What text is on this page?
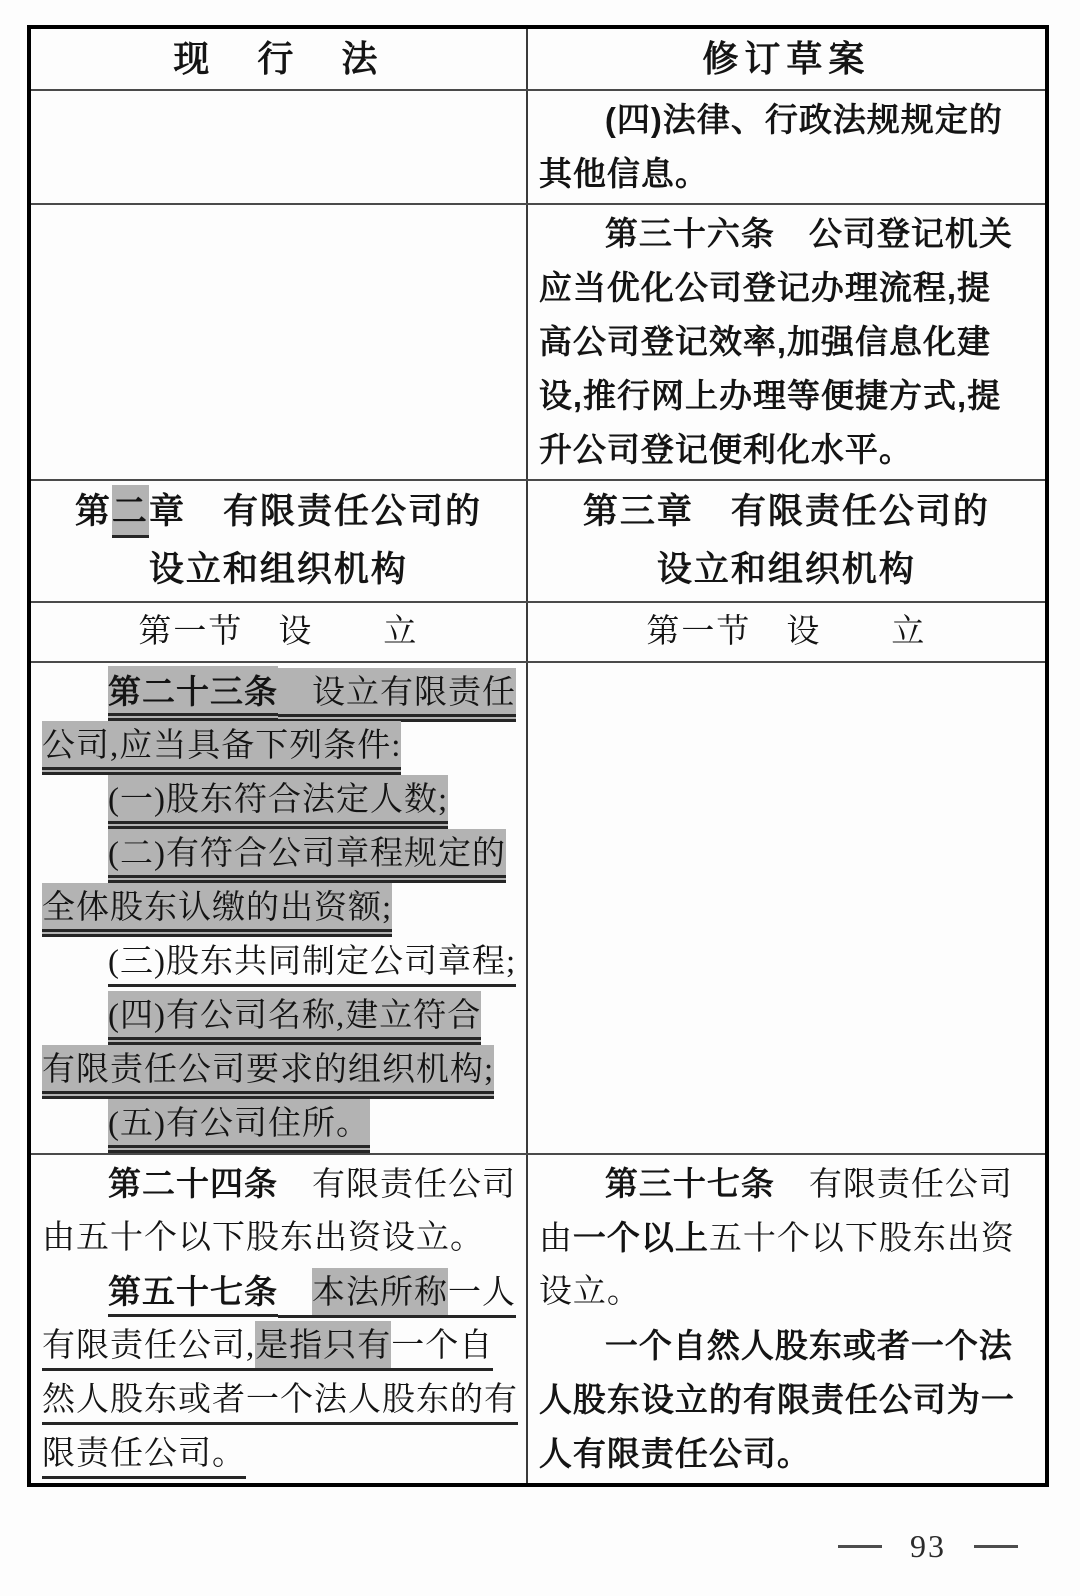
现　行　法	修订草案
(四)法律、行政法规规定的
其他信息。
第三十六条　公司登记机关
应当优化公司登记办理流程,提
高公司登记效率,加强信息化建
设,推行网上办理等便捷方式,提
升公司登记便利化水平。
第二章　有限责任公司的
设立和组织机构
第三章　有限责任公司的
设立和组织机构
第一节　设　　立	第一节　设　　立
第二十三条　设立有限责任
公司,应当具备下列条件:
(一)股东符合法定人数;
(二)有符合公司章程规定的
全体股东认缴的出资额;
(三)股东共同制定公司章程;
(四)有公司名称,建立符合
有限责任公司要求的组织机构;
(五)有公司住所。
第二十四条　有限责任公司
由五十个以下股东出资设立。
第五十七条　 本法所称一人
有限责任公司,是指只有一个自
然人股东或者一个法人股东的有
限责任公司。
第三十七条　有限责任公司
由一个以上五十个以下股东出资
设立。
一个自然人股东或者一个法
人股东设立的有限责任公司为一
人有限责任公司。
93
